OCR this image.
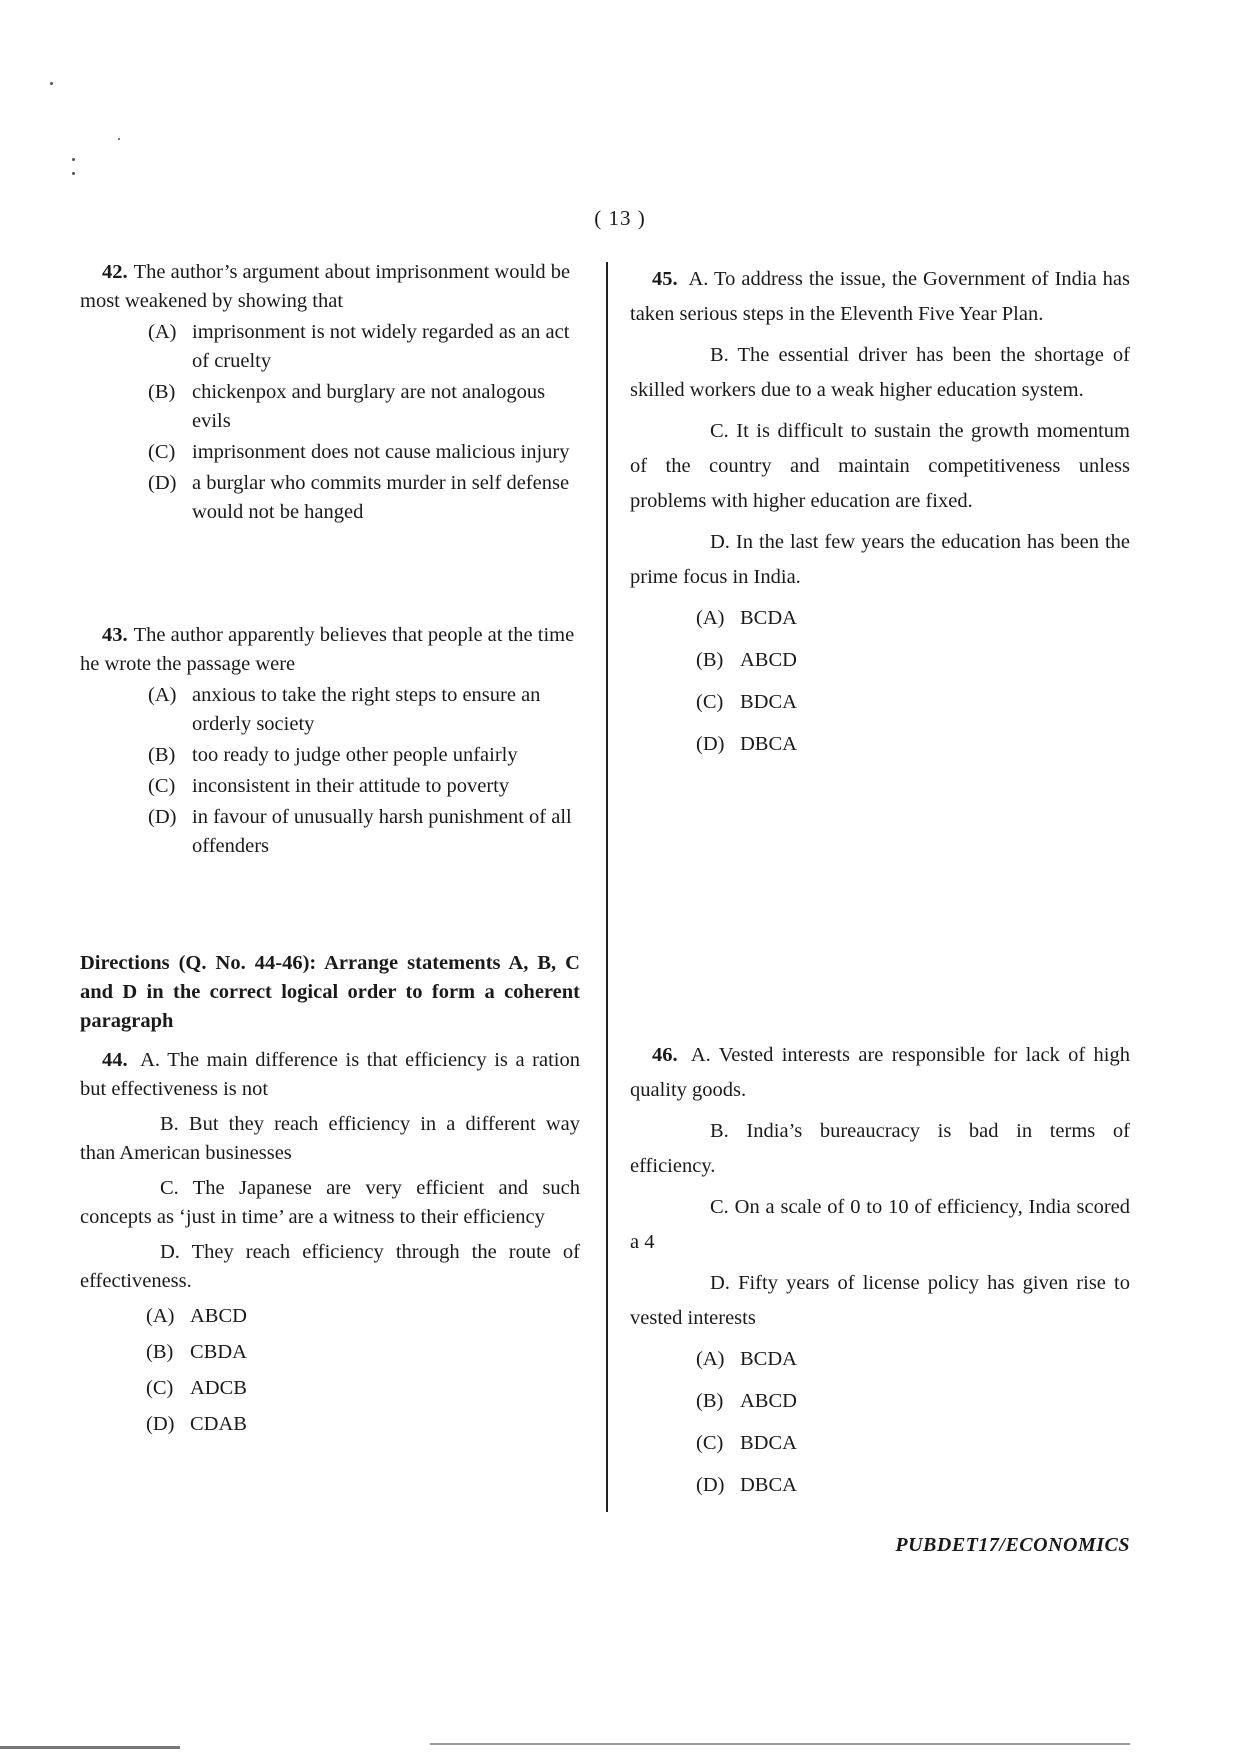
( 13 )

42. The author’s argument about imprisonment would be most weakened by showing that

(A) imprisonment is not widely regarded as an act of cruelty
(B) chickenpox and burglary are not analogous evils
(C) imprisonment does not cause malicious injury
(D) a burglar who commits murder in self defense would not be hanged

43. The author apparently believes that people at the time he wrote the passage were

(A) anxious to take the right steps to ensure an orderly society
(B) too ready to judge other people unfairly
(C) inconsistent in their attitude to poverty
(D) in favour of unusually harsh punishment of all offenders

Directions (Q. No. 44-46): Arrange statements A, B, C and D in the correct logical order to form a coherent paragraph

44. A. The main difference is that efficiency is a ration but effectiveness is not

B. But they reach efficiency in a different way than American businesses

C. The Japanese are very efficient and such concepts as ‘just in time’ are a witness to their efficiency

D. They reach efficiency through the route of effectiveness.

(A) ABCD
(B) CBDA
(C) ADCB
(D) CDAB

45. A. To address the issue, the Government of India has taken serious steps in the Eleventh Five Year Plan.

B. The essential driver has been the shortage of skilled workers due to a weak higher education system.

C. It is difficult to sustain the growth momentum of the country and maintain competitiveness unless problems with higher education are fixed.

D. In the last few years the education has been the prime focus in India.

(A) BCDA
(B) ABCD
(C) BDCA
(D) DBCA

46. A. Vested interests are responsible for lack of high quality goods.

B. India’s bureaucracy is bad in terms of efficiency.

C. On a scale of 0 to 10 of efficiency, India scored a 4

D. Fifty years of license policy has given rise to vested interests

(A) BCDA
(B) ABCD
(C) BDCA
(D) DBCA
PUBDET17/ECONOMICS
